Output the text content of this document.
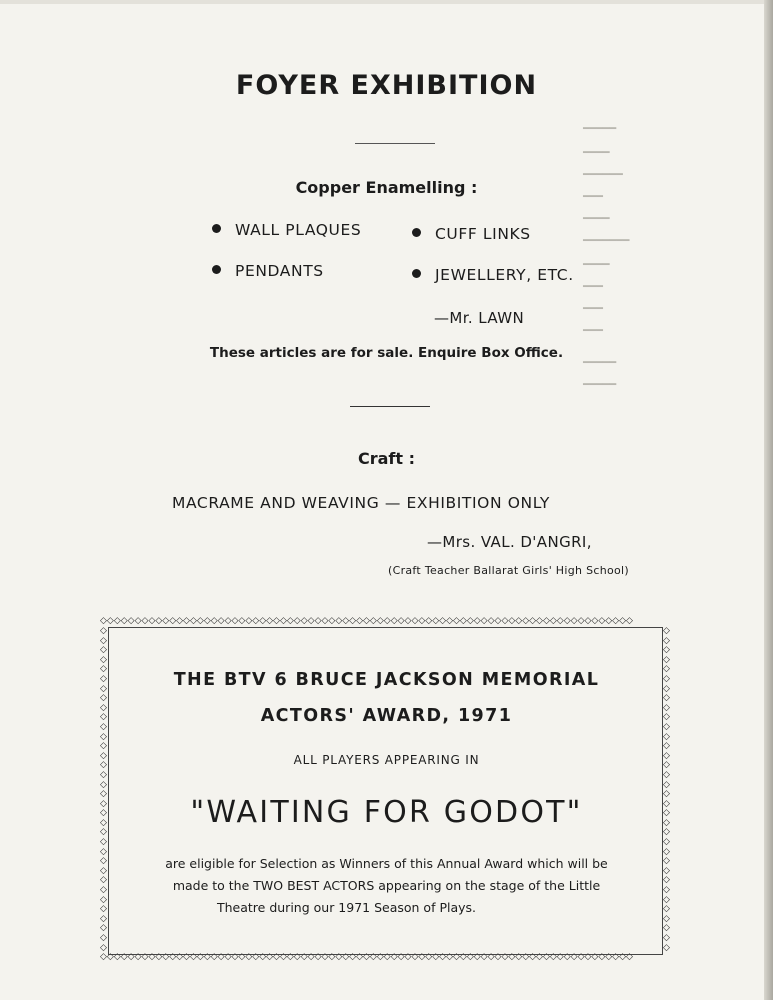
━━━━━
━━━━
━━━━━━
━━━
━━━━
━━━━━━━
━━━━
━━━
━━━
━━━
━━━━━
━━━━━
FOYER EXHIBITION
Copper Enamelling :
WALL PLAQUES	CUFF LINKS
PENDANTS	JEWELLERY, ETC.
—Mr. LAWN
These articles are for sale. Enquire Box Office.
Craft :
MACRAME AND WEAVING — EXHIBITION ONLY
—Mrs. VAL. D'ANGRI,
(Craft Teacher Ballarat Girls' High School)
◇◇◇◇◇◇◇◇◇◇◇◇◇◇◇◇◇◇◇◇◇◇◇◇◇◇◇◇◇◇◇◇◇◇◇◇◇◇◇◇◇◇◇◇◇◇◇◇◇◇◇◇◇◇◇◇◇◇◇◇◇◇◇◇◇◇◇◇◇◇◇◇◇◇◇◇◇
◇◇◇◇◇◇◇◇◇◇◇◇◇◇◇◇◇◇◇◇◇◇◇◇◇◇◇◇◇◇◇◇◇◇◇◇◇◇◇◇◇◇◇◇◇◇◇◇◇◇◇◇◇◇◇◇◇◇◇◇◇◇◇◇◇◇◇◇◇◇◇◇◇◇◇◇◇
◇◇◇◇◇◇◇◇◇◇◇◇◇◇◇◇◇◇◇◇◇◇◇◇◇◇◇◇◇◇◇◇◇◇
◇◇◇◇◇◇◇◇◇◇◇◇◇◇◇◇◇◇◇◇◇◇◇◇◇◇◇◇◇◇◇◇◇◇
THE BTV 6 BRUCE JACKSON MEMORIAL
ACTORS' AWARD, 1971
ALL PLAYERS APPEARING IN
"WAITING FOR GODOT"
are eligible for Selection as Winners of this Annual Award which will be
made to the TWO BEST ACTORS appearing on the stage of the Little
Theatre during our 1971 Season of Plays.
